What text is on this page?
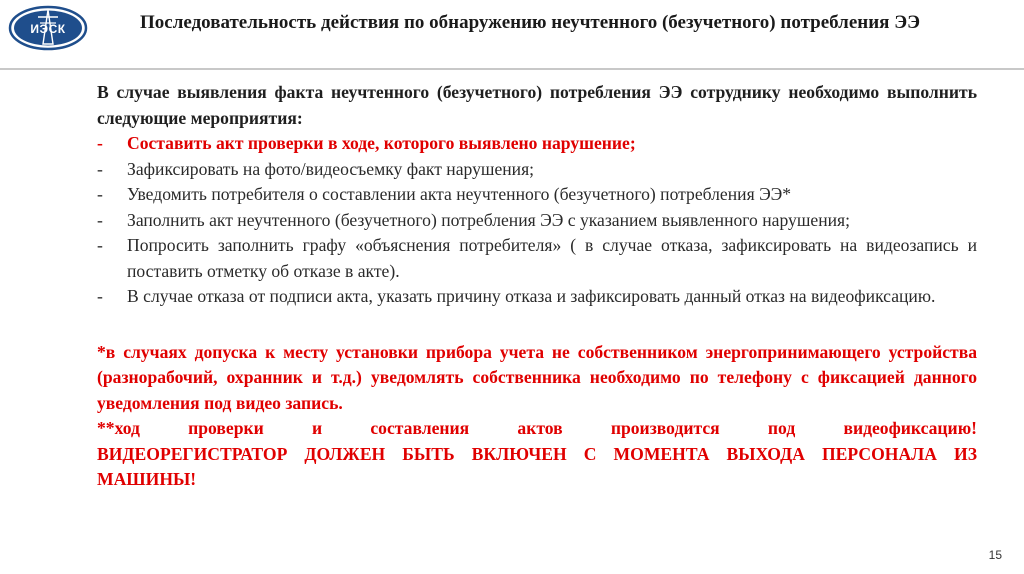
ИЭСК	Последовательность действия по обнаружению неучтенного (безучетного) потребления ЭЭ

В случае выявления факта неучтенного (безучетного) потребления ЭЭ сотруднику необходимо выполнить следующие мероприятия:

- Составить акт проверки в ходе, которого выявлено нарушение;
- Зафиксировать на фото/видеосъемку факт нарушения;
- Уведомить потребителя о составлении акта неучтенного (безучетного) потребления ЭЭ*
- Заполнить акт неучтенного (безучетного) потребления ЭЭ с указанием выявленного нарушения;
- Попросить заполнить графу «объяснения потребителя» ( в случае отказа, зафиксировать на видеозапись и поставить отметку об отказе в акте).
- В случае отказа от подписи акта, указать причину отказа и зафиксировать данный отказ на видеофиксацию.

*в случаях допуска к месту установки прибора учета не собственником энергопринимающего устройства (разнорабочий, охранник и т.д.) уведомлять собственника необходимо по телефону с фиксацией данного уведомления под видео запись.

**ход проверки и составления актов производится под видеофиксацию!
ВИДЕОРЕГИСТРАТОР ДОЛЖЕН БЫТЬ ВКЛЮЧЕН С МОМЕНТА ВЫХОДА ПЕРСОНАЛА ИЗ МАШИНЫ!

15
